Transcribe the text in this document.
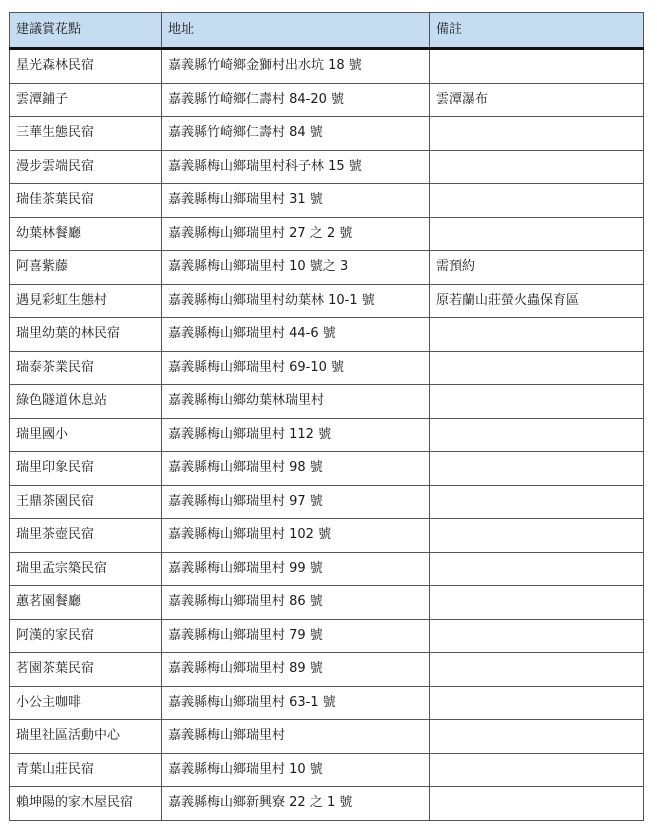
建議賞花點	地址	備註
星光森林民宿	嘉義縣竹崎鄉金獅村出水坑 18 號	
雲潭鋪子	嘉義縣竹崎鄉仁壽村 84-20 號	雲潭瀑布
三華生態民宿	嘉義縣竹崎鄉仁壽村 84 號	
漫步雲端民宿	嘉義縣梅山鄉瑞里村科子林 15 號	
瑞佳茶葉民宿	嘉義縣梅山鄉瑞里村 31 號	
幼葉林餐廳	嘉義縣梅山鄉瑞里村 27 之 2 號	
阿喜紫藤	嘉義縣梅山鄉瑞里村 10 號之 3	需預約
遇見彩虹生態村	嘉義縣梅山鄉瑞里村幼葉林 10-1 號	原若蘭山莊螢火蟲保育區
瑞里幼葉的林民宿	嘉義縣梅山鄉瑞里村 44-6 號	
瑞泰茶業民宿	嘉義縣梅山鄉瑞里村 69-10 號	
綠色隧道休息站	嘉義縣梅山鄉幼葉林瑞里村	
瑞里國小	嘉義縣梅山鄉瑞里村 112 號	
瑞里印象民宿	嘉義縣梅山鄉瑞里村 98 號	
王鼎茶園民宿	嘉義縣梅山鄉瑞里村 97 號	
瑞里茶壺民宿	嘉義縣梅山鄉瑞里村 102 號	
瑞里孟宗築民宿	嘉義縣梅山鄉瑞里村 99 號	
蕙茗園餐廳	嘉義縣梅山鄉瑞里村 86 號	
阿漢的家民宿	嘉義縣梅山鄉瑞里村 79 號	
茗園茶葉民宿	嘉義縣梅山鄉瑞里村 89 號	
小公主咖啡	嘉義縣梅山鄉瑞里村 63-1 號	
瑞里社區活動中心	嘉義縣梅山鄉瑞里村	
青葉山莊民宿	嘉義縣梅山鄉瑞里村 10 號	
賴坤陽的家木屋民宿	嘉義縣梅山鄉新興寮 22 之 1 號	
